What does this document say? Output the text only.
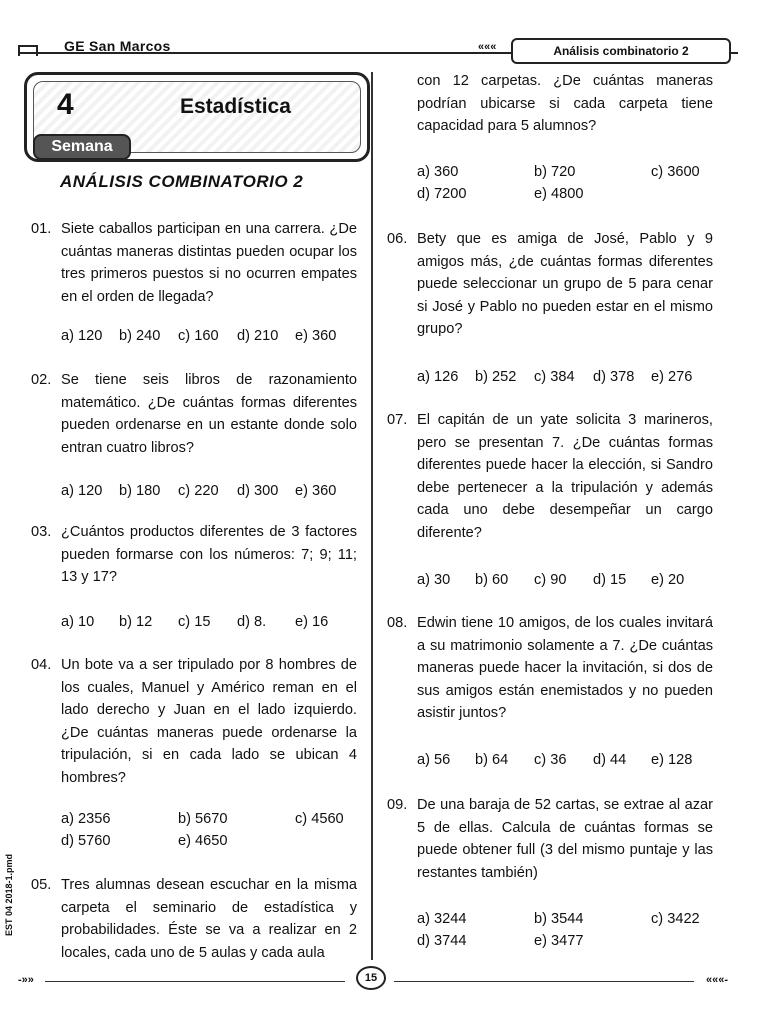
GE San Marcos	«««	Análisis combinatorio 2
4	Estadística
Semana
ANÁLISIS COMBINATORIO 2
01. Siete caballos participan en una carrera. ¿De cuántas maneras distintas pueden ocupar los tres primeros puestos si no ocurren empates en el orden de llegada?
a) 120 b) 240 c) 160 d) 210 e) 360
02. Se tiene seis libros de razonamiento matemático. ¿De cuántas formas diferentes pueden ordenarse en un estante donde solo entran cuatro libros?
a) 120 b) 180 c) 220 d) 300 e) 360
03. ¿Cuántos productos diferentes de 3 factores pueden formarse con los números: 7; 9; 11; 13 y 17?
a) 10 b) 12 c) 15 d) 8. e) 16
04. Un bote va a ser tripulado por 8 hombres de los cuales, Manuel y Américo reman en el lado derecho y Juan en el lado izquierdo. ¿De cuántas maneras puede ordenarse la tripulación, si en cada lado se ubican 4 hombres?
a) 2356	b) 5670	c) 4560
d) 5760	e) 4650
05. Tres alumnas desean escuchar en la misma carpeta el seminario de estadística y probabilidades. Éste se va a realizar en 2 locales, cada uno de 5 aulas y cada aula
con 12 carpetas. ¿De cuántas maneras podrían ubicarse si cada carpeta tiene capacidad para 5 alumnos?
a) 360	b) 720	c) 3600
d) 7200	e) 4800
06. Bety que es amiga de José, Pablo y 9 amigos más, ¿de cuántas formas diferentes puede seleccionar un grupo de 5 para cenar si José y Pablo no pueden estar en el mismo grupo?
a) 126 b) 252 c) 384 d) 378 e) 276
07. El capitán de un yate solicita 3 marineros, pero se presentan 7. ¿De cuántas formas diferentes puede hacer la elección, si Sandro debe pertenecer a la tripulación y además cada uno debe desempeñar un cargo diferente?
a) 30 b) 60 c) 90 d) 15 e) 20
08. Edwin tiene 10 amigos, de los cuales invitará a su matrimonio solamente a 7. ¿De cuántas maneras puede hacer la invitación, si dos de sus amigos están enemistados y no pueden asistir juntos?
a) 56 b) 64 c) 36 d) 44 e) 128
09. De una baraja de 52 cartas, se extrae al azar 5 de ellas. Calcula de cuántas formas se puede obtener full (3 del mismo puntaje y las restantes también)
a) 3244	b) 3544	c) 3422
d) 3744	e) 3477
EST 04 2018-1.pmd
-»»	15	«««-
